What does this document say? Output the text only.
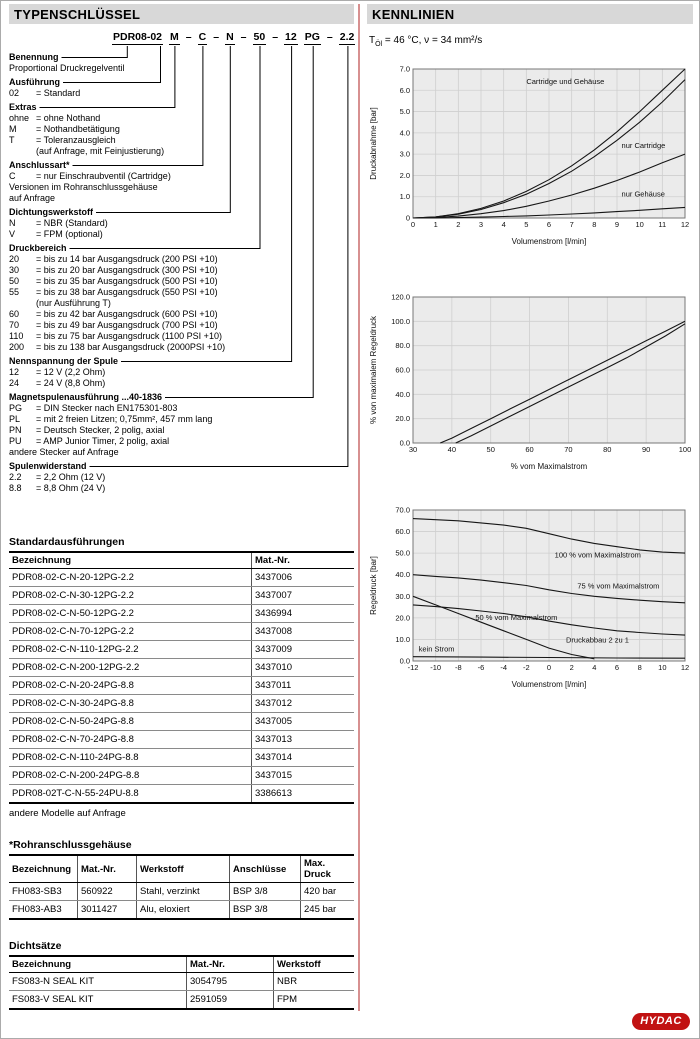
TYPENSCHLÜSSEL
PDR08-02 M – C – N – 50 – 12 PG – 2.2
Benennung
Proportional Druckregelventil
Ausführung
02 = Standard
Extras
ohne = ohne Nothand
M = Nothandbetätigung
T = Toleranzausgleich
(auf Anfrage, mit Feinjustierung)
Anschlussart*
C = nur Einschraubventil (Cartridge)
Versionen im Rohranschlussgehäuse
auf Anfrage
Dichtungswerkstoff
N = NBR (Standard)
V = FPM (optional)
Druckbereich
20 = bis zu 14 bar Ausgangsdruck (200 PSI +10)
30 = bis zu 20 bar Ausgangsdruck (300 PSI +10)
50 = bis zu 35 bar Ausgangsdruck (500 PSI +10)
55 = bis zu 38 bar Ausgangsdruck (550 PSI +10)
(nur Ausführung T)
60 = bis zu 42 bar Ausgangsdruck (600 PSI +10)
70 = bis zu 49 bar Ausgangsdruck (700 PSI +10)
110 = bis zu 75 bar Ausgangsdruck (1100 PSI +10)
200 = bis zu 138 bar Ausgangsdruck (2000PSI +10)
Nennspannung der Spule
12 = 12 V (2,2 Ohm)
24 = 24 V (8,8 Ohm)
Magnetspulenausführung ...40-1836
PG = DIN Stecker nach EN175301-803
PL = mit 2 freien Litzen; 0,75mm², 457 mm lang
PN = Deutsch Stecker, 2 polig, axial
PU = AMP Junior Timer, 2 polig, axial
andere Stecker auf Anfrage
Spulenwiderstand
2.2 = 2,2 Ohm (12 V)
8.8 = 8,8 Ohm (24 V)
Standardausführungen
Bezeichnung	Mat.-Nr.
PDR08-02-C-N-20-12PG-2.2	3437006
PDR08-02-C-N-30-12PG-2.2	3437007
PDR08-02-C-N-50-12PG-2.2	3436994
PDR08-02-C-N-70-12PG-2.2	3437008
PDR08-02-C-N-110-12PG-2.2	3437009
PDR08-02-C-N-200-12PG-2.2	3437010
PDR08-02-C-N-20-24PG-8.8	3437011
PDR08-02-C-N-30-24PG-8.8	3437012
PDR08-02-C-N-50-24PG-8.8	3437005
PDR08-02-C-N-70-24PG-8.8	3437013
PDR08-02-C-N-110-24PG-8.8	3437014
PDR08-02-C-N-200-24PG-8.8	3437015
PDR08-02T-C-N-55-24PU-8.8	3386613
andere Modelle auf Anfrage
*Rohranschlussgehäuse
Bezeichnung	Mat.-Nr.	Werkstoff	Anschlüsse	Max. Druck
FH083-SB3	560922	Stahl, verzinkt	BSP 3/8	420 bar
FH083-AB3	3011427	Alu, eloxiert	BSP 3/8	245 bar
Dichtsätze
Bezeichnung	Mat.-Nr.	Werkstoff
FS083-N SEAL KIT	3054795	NBR
FS083-V SEAL KIT	2591059	FPM
KENNLINIEN
$T_{Öl} = 46$ °C, ν = 34 mm²/s
0 1 2 3 4 5 6 7 8 9 10 11 12
0
1.0
2.0
3.0
4.0
5.0
6.0
7.0
Cartridge und Gehäuse
nur Cartridge
nur Gehäuse
Volumenstrom [l/min]
Druckabnahme [bar]
30	40	50	60	70	80	90	100
0.0
20.0
40.0
60.0
80.0
100.0
120.0
% vom Maximalstrom
% von maximalem Regeldruck
-12 -10 -8 -6 -4 -2 0 2 4 6 8 10 12
0.0
10.0
20.0
30.0
40.0
50.0
60.0
70.0
100 % vom Maximalstrom
75 % vom Maximalstrom
50 % vom Maximalstrom
Druckabbau 2 zu 1
kein Strom
Volumenstrom [l/min]
Regeldruck [bar]
HYDAC
